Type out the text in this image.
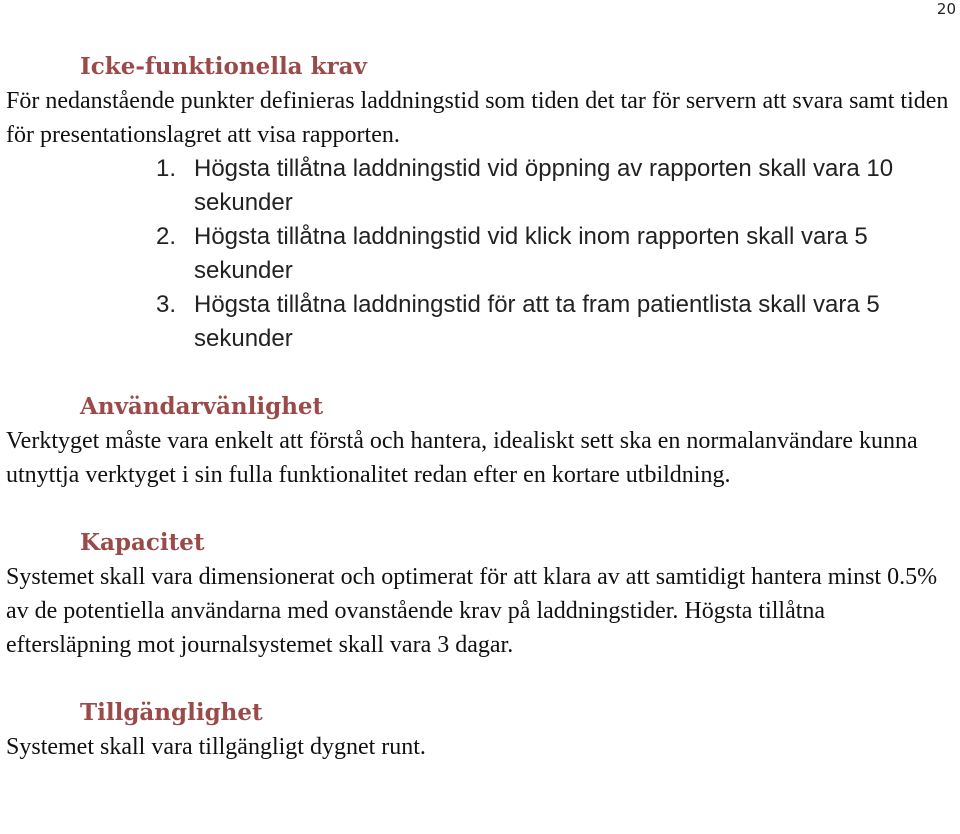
20
Icke-funktionella krav

För nedanstående punkter definieras laddningstid som tiden det tar för servern att svara samt tiden för presentationslagret att visa rapporten.

1. Högsta tillåtna laddningstid vid öppning av rapporten skall vara 10 sekunder
2. Högsta tillåtna laddningstid vid klick inom rapporten skall vara 5 sekunder
3. Högsta tillåtna laddningstid för att ta fram patientlista skall vara 5 sekunder
Användarvänlighet

Verktyget måste vara enkelt att förstå och hantera, idealiskt sett ska en normalanvändare kunna utnyttja verktyget i sin fulla funktionalitet redan efter en kortare utbildning.

Kapacitet

Systemet skall vara dimensionerat och optimerat för att klara av att samtidigt hantera minst 0.5% av de potentiella användarna med ovanstående krav på laddningstider. Högsta tillåtna eftersläpning mot journalsystemet skall vara 3 dagar.

Tillgänglighet

Systemet skall vara tillgängligt dygnet runt.
